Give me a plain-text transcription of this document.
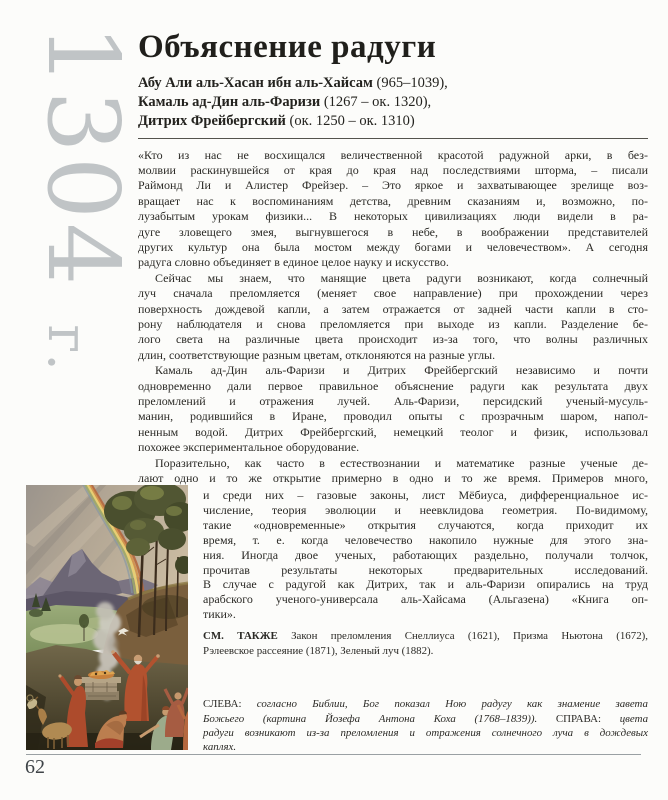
1304 г.
Объяснение радуги
Абу Али аль-Хасан ибн аль-Хайсам (965–1039),
Камаль ад-Дин аль-Фаризи (1267 – ок. 1320),
Дитрих Фрейбергский (ок. 1250 – ок. 1310)
«Кто из нас не восхищался величественной красотой радужной арки, в без-
молвии раскинувшейся от края до края над последствиями шторма, – писали
Раймонд Ли и Алистер Фрейзер. – Это яркое и захватывающее зрелище воз-
вращает нас к воспоминаниям детства, древним сказаниям и, возможно, по-
лузабытым урокам физики... В некоторых цивилизациях люди видели в ра-
дуге зловещего змея, выгнувшегося в небе, в воображении представителей
других культур она была мостом между богами и человечеством». А сегодня
радуга словно объединяет в единое целое науку и искусство.
Сейчас мы знаем, что манящие цвета радуги возникают, когда солнечный
луч сначала преломляется (меняет свое направление) при прохождении через
поверхность дождевой капли, а затем отражается от задней части капли в сто-
рону наблюдателя и снова преломляется при выходе из капли. Разделение бе-
лого света на различные цвета происходит из-за того, что волны различных
длин, соответствующие разным цветам, отклоняются на разные углы.
Камаль ад-Дин аль-Фаризи и Дитрих Фрейбергский независимо и почти
одновременно дали первое правильное объяснение радуги как результата двух
преломлений и отражения лучей. Аль-Фаризи, персидский ученый-мусуль-
манин, родившийся в Иране, проводил опыты с прозрачным шаром, напол-
ненным водой. Дитрих Фрейбергский, немецкий теолог и физик, использовал
похожее экспериментальное оборудование.
Поразительно, как часто в естествознании и математике разные ученые де-
лают одно и то же открытие примерно в одно и то же время. Примеров много,
и среди них – газовые законы, лист Мёбиуса, дифференциальное ис-
числение, теория эволюции и неевклидова геометрия. По-видимому,
такие «одновременные» открытия случаются, когда приходит их
время, т. е. когда человечество накопило нужные для этого зна-
ния. Иногда двое ученых, работающих раздельно, получали толчок,
прочитав результаты некоторых предварительных исследований.
В случае с радугой как Дитрих, так и аль-Фаризи опирались на труд
арабского ученого-универсала аль-Хайсама (Альгазена) «Книга оп-
тики».
СМ. ТАКЖЕ Закон преломления Снеллиуса (1621), Призма Ньютона (1672),
Рэлеевское рассеяние (1871), Зеленый луч (1882).
СЛЕВА: согласно Библии, Бог показал Ною радугу как знамение завета
Божьего (картина Йозефа Антона Коха (1768–1839)). СПРАВА: цвета
радуги возникают из-за преломления и отражения солнечного луча в дождевых
каплях.
62
